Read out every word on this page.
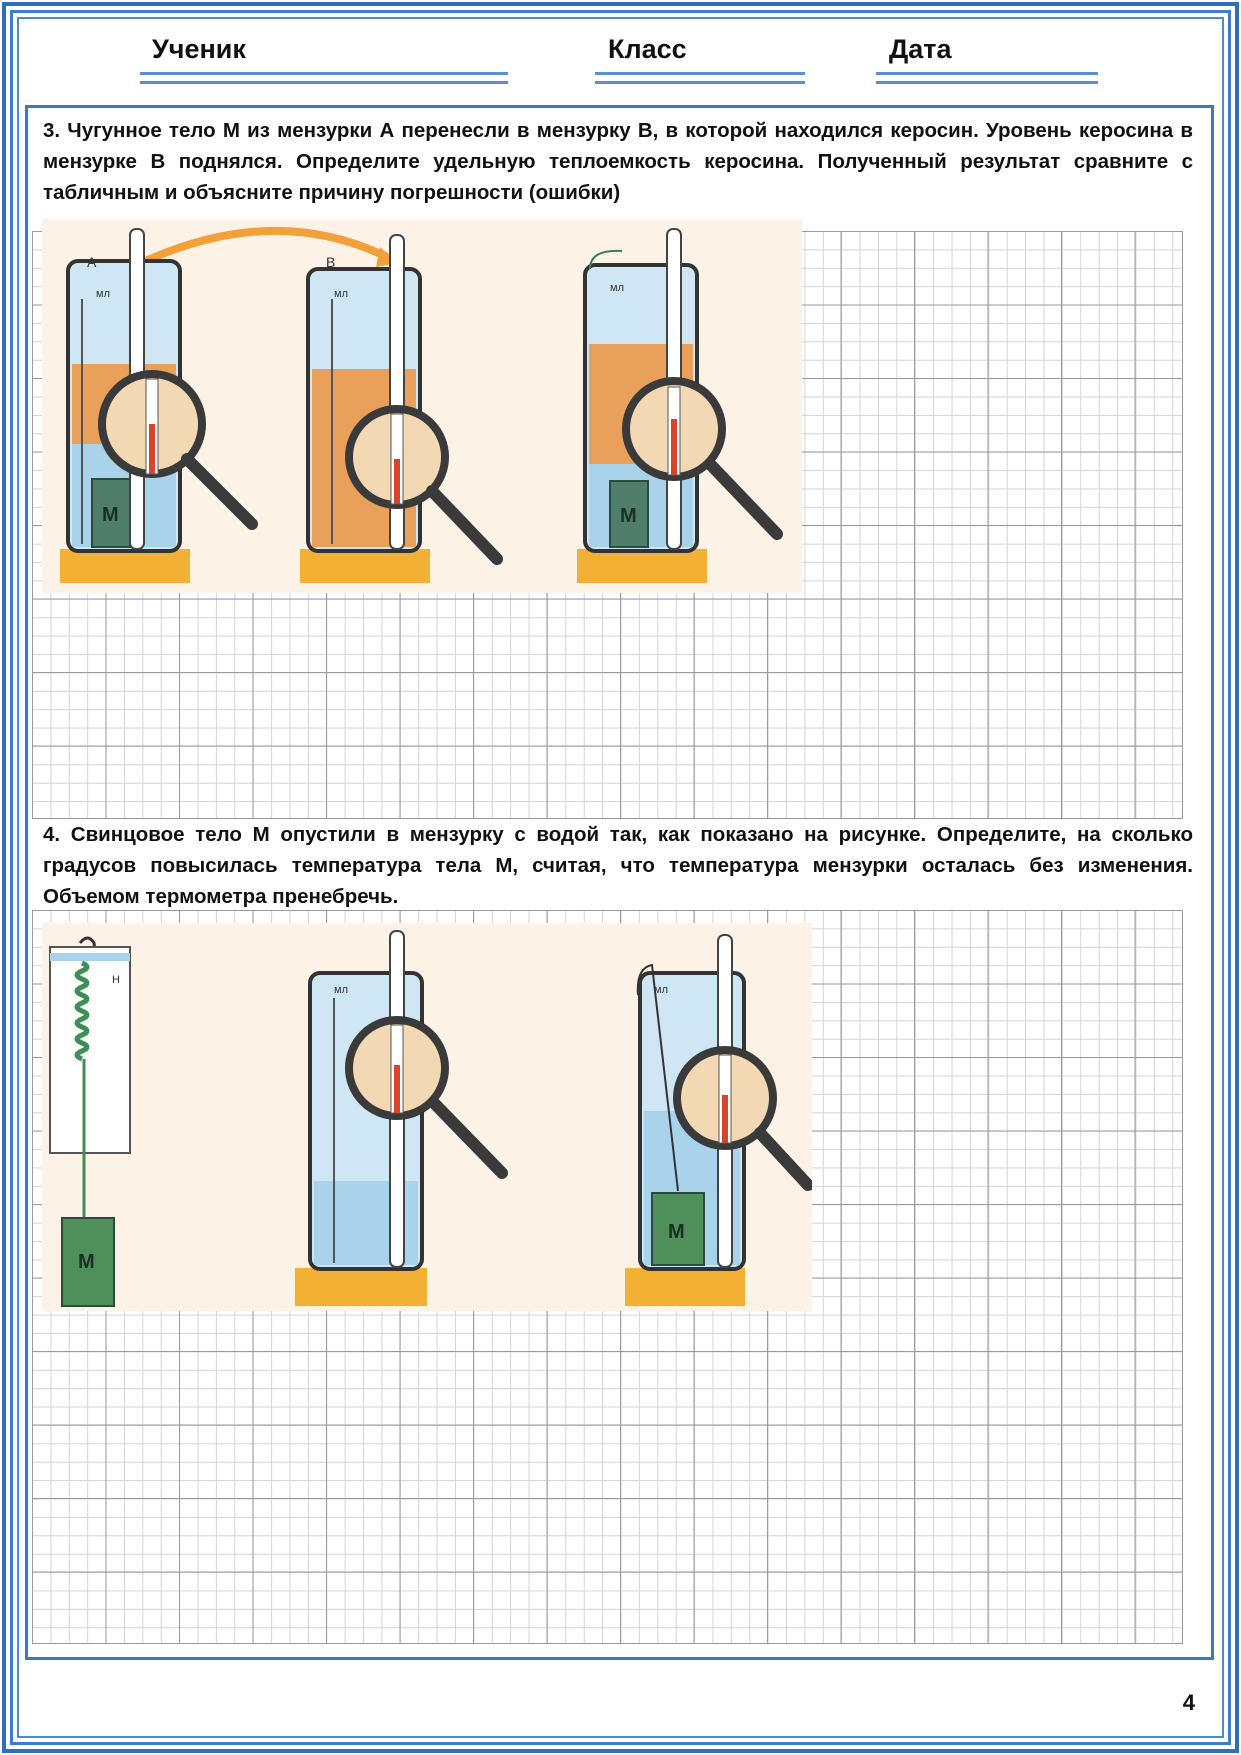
Ученик	Класс	Дата
3. Чугунное тело М из мензурки А перенесли в мензурку В, в которой находился керосин. Уровень керосина в мензурке В поднялся. Определите удельную теплоемкость керосина. Полученный результат сравните с табличным и объясните причину погрешности (ошибки)
М
А
мл
В
мл
М
мл
4. Свинцовое тело М опустили в мензурку с водой так, как показано на рисунке. Определите, на сколько градусов повысилась температура тела М, считая, что температура мензурки осталась без изменения. Объемом термометра пренебречь.
Н
М
мл
М
мл
4
